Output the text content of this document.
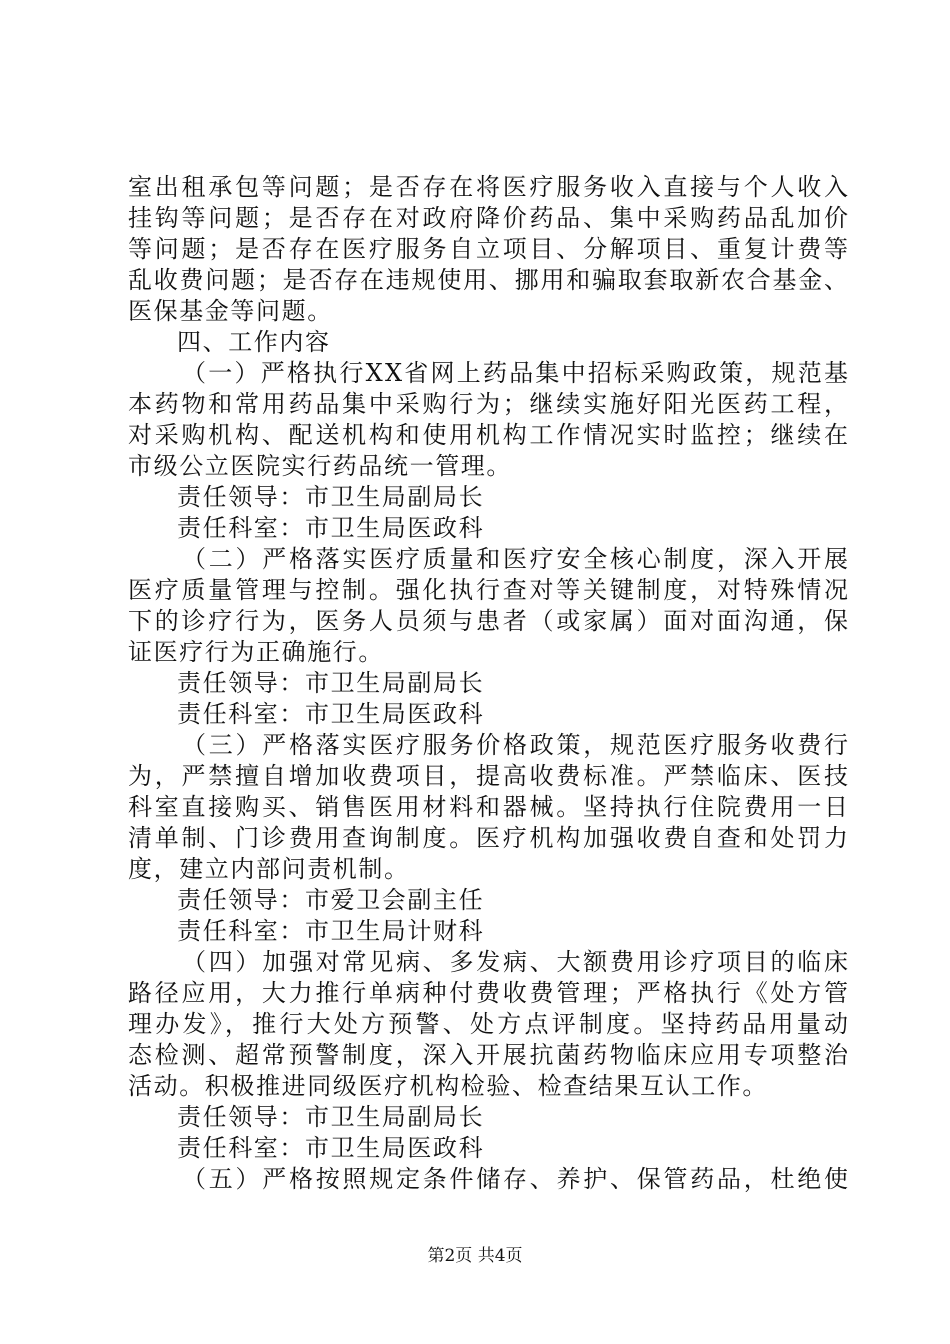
室出租承包等问题；是否存在将医疗服务收入直接与个人收入

挂钩等问题；是否存在对政府降价药品、集中采购药品乱加价

等问题；是否存在医疗服务自立项目、分解项目、重复计费等

乱收费问题；是否存在违规使用、挪用和骗取套取新农合基金、

医保基金等问题。

四、工作内容

（一）严格执行XX省网上药品集中招标采购政策，规范基

本药物和常用药品集中采购行为；继续实施好阳光医药工程，

对采购机构、配送机构和使用机构工作情况实时监控；继续在

市级公立医院实行药品统一管理。

责任领导：市卫生局副局长

责任科室：市卫生局医政科

（二）严格落实医疗质量和医疗安全核心制度，深入开展

医疗质量管理与控制。强化执行查对等关键制度，对特殊情况

下的诊疗行为，医务人员须与患者（或家属）面对面沟通，保

证医疗行为正确施行。

责任领导：市卫生局副局长

责任科室：市卫生局医政科

（三）严格落实医疗服务价格政策，规范医疗服务收费行

为，严禁擅自增加收费项目，提高收费标准。严禁临床、医技

科室直接购买、销售医用材料和器械。坚持执行住院费用一日

清单制、门诊费用查询制度。医疗机构加强收费自查和处罚力

度，建立内部问责机制。

责任领导：市爱卫会副主任

责任科室：市卫生局计财科

（四）加强对常见病、多发病、大额费用诊疗项目的临床

路径应用，大力推行单病种付费收费管理；严格执行《处方管

理办发》，推行大处方预警、处方点评制度。坚持药品用量动

态检测、超常预警制度，深入开展抗菌药物临床应用专项整治

活动。积极推进同级医疗机构检验、检查结果互认工作。

责任领导：市卫生局副局长

责任科室：市卫生局医政科

（五）严格按照规定条件储存、养护、保管药品，杜绝使

第2页 共4页
